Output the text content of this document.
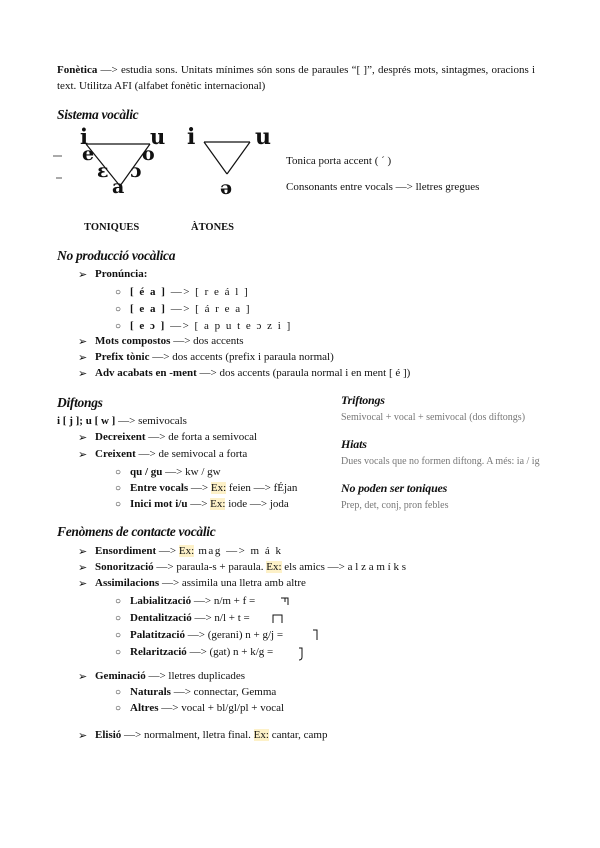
Fonètica —> estudia sons. Unitats mínimes són sons de paraules “[ ]”, després mots, sintagmes, oracions i text. Utilitza AFI (alfabet fonètic internacional)
Sistema vocàlic
i	u
e	o
ɛ ɔ
a
i	u
ə
Tonica porta accent ( ´ )
Consonants entre vocals —> lletres gregues
TONIQUES	ÀTONES
No producció vocàlica
➢ Pronúncia:
○ [ é a ] —> [ r e á l ]
○ [ e a ] —> [ á r e a ]
○ [ e ɔ ] —> [ a p u t e ɔ z i ]
➢ Mots compostos —> dos accents
➢ Prefix tònic —> dos accents (prefix i paraula normal)
➢ Adv acabats en -ment —> dos accents (paraula normal i en ment [ é ])
Diftongs
i [ j ]; u [ w ] —> semivocals
➢ Decreixent —> de forta a semivocal
➢ Creixent —> de semivocal a forta
○ qu / gu —> kw / gw
○ Entre vocals —> Ex: feien —> fÉjan
○ Inici mot i/u —> Ex: iode —> joda
Triftongs
Semivocal + vocal + semivocal (dos diftongs)
Hiats
Dues vocals que no formen diftong. A més: ia / ig
No poden ser toniques
Prep, det, conj, pron febles
Fenòmens de contacte vocàlic
➢ Ensordiment —> Ex: mag —> m á k
➢ Sonorització —> paraula-s + paraula. Ex: els amics —> a l z a m í k s
➢ Assimilacions —> assimila una lletra amb altre
○ Labialització —> n/m + f =
○ Dentalització —> n/l + t =
○ Palatització —> (gerani) n + g/j =
○ Relarització —> (gat) n + k/g =
➢ Geminació —> lletres duplicades
○ Naturals —> connectar, Gemma
○ Altres —> vocal + bl/gl/pl + vocal
➢ Elisió —> normalment, lletra final. Ex: cantar, camp
